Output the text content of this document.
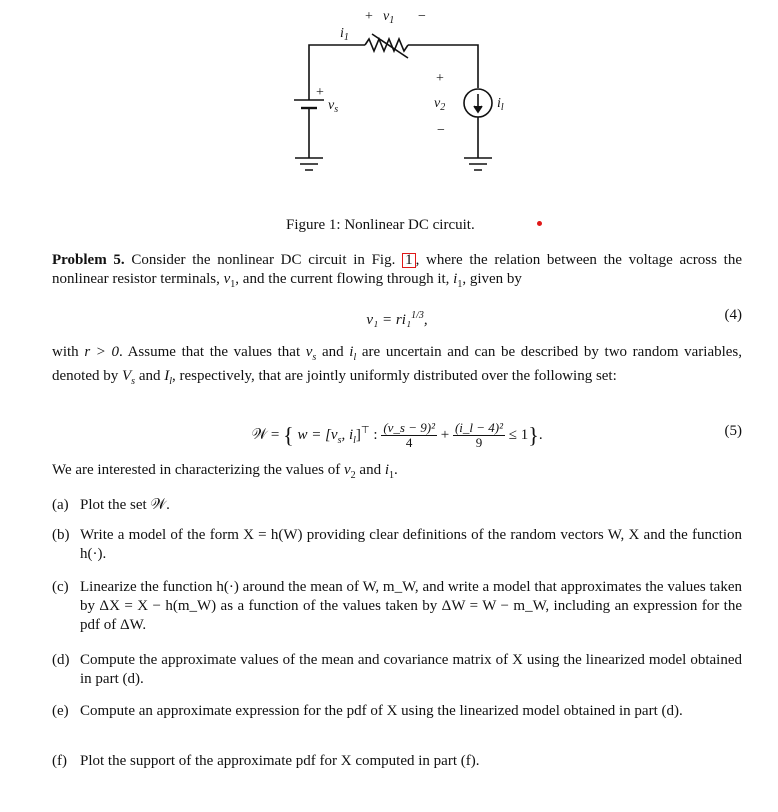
+ $v_1$ −
$i_1$
+
$v_s$
+
$v_2$
−
$i_l$
Figure 1: Nonlinear DC circuit.
Problem 5. Consider the nonlinear DC circuit in Fig. 1 , where the relation between the voltage across the nonlinear resistor terminals, $v_1$, and the current flowing through it, $i_1$, given by
v₁ = ri₁$^{1/3}$,	(4)
with r > 0. Assume that the values that $v_s$ and $i_l$ are uncertain and can be described by two random variables, denoted by $V_s$ and $I_l$, respectively, that are jointly uniformly distributed over the following set:
𝒲 = { $w = [v_s$, $i_l]^⊤$ : $\frac{\text{(v\_s − 9)²}}{4} + \frac{\text{(i\_l − 4)²}}{9} \le 1$}.	(5)
We are interested in characterizing the values of $v_2$ and $i_1$.
(a) Plot the set 𝒲.
(b) Write a model of the form X = h(W) providing clear definitions of the random vectors W, X and the function h(·).
(c) Linearize the function h(·) around the mean of W, m_W, and write a model that approximates the values taken by ΔX = X − h(m_W) as a function of the values taken by ΔW = W − m_W, including an expression for the pdf of ΔW.
(d) Compute the approximate values of the mean and covariance matrix of X using the linearized model obtained in part (d).
(e) Compute an approximate expression for the pdf of X using the linearized model obtained in part (d).
(f) Plot the support of the approximate pdf for X computed in part (f).
